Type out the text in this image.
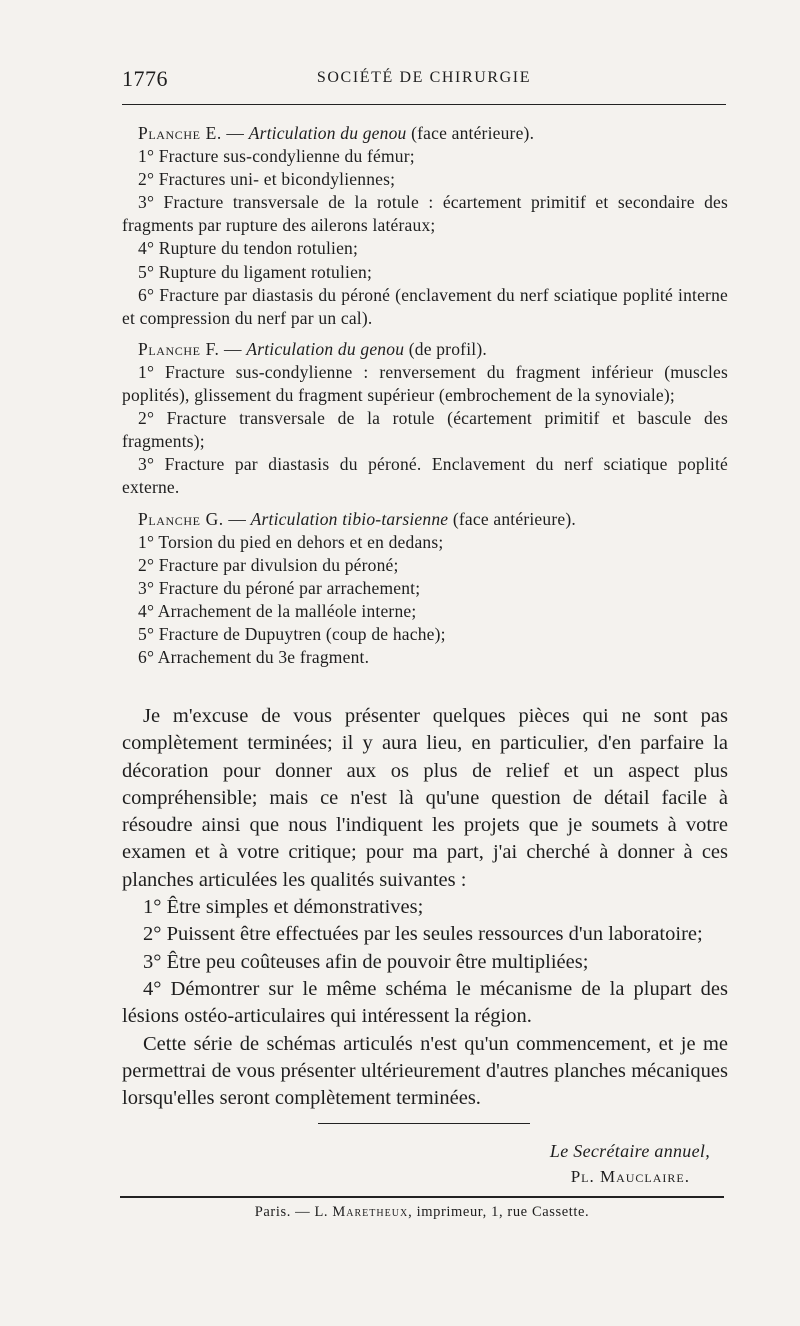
1776	SOCIÉTÉ DE CHIRURGIE

Planche E. — Articulation du genou (face antérieure).

1° Fracture sus-condylienne du fémur;

2° Fractures uni- et bicondyliennes;

3° Fracture transversale de la rotule : écartement primitif et secondaire des fragments par rupture des ailerons latéraux;

4° Rupture du tendon rotulien;

5° Rupture du ligament rotulien;

6° Fracture par diastasis du péroné (enclavement du nerf sciatique poplité interne et compression du nerf par un cal).

Planche F. — Articulation du genou (de profil).

1° Fracture sus-condylienne : renversement du fragment inférieur (muscles poplités), glissement du fragment supérieur (embrochement de la synoviale);

2° Fracture transversale de la rotule (écartement primitif et bascule des fragments);

3° Fracture par diastasis du péroné. Enclavement du nerf sciatique poplité externe.

Planche G. — Articulation tibio-tarsienne (face antérieure).

1° Torsion du pied en dehors et en dedans;

2° Fracture par divulsion du péroné;

3° Fracture du péroné par arrachement;

4° Arrachement de la malléole interne;

5° Fracture de Dupuytren (coup de hache);

6° Arrachement du 3e fragment.

Je m'excuse de vous présenter quelques pièces qui ne sont pas complètement terminées; il y aura lieu, en particulier, d'en parfaire la décoration pour donner aux os plus de relief et un aspect plus compréhensible; mais ce n'est là qu'une question de détail facile à résoudre ainsi que nous l'indiquent les projets que je soumets à votre examen et à votre critique; pour ma part, j'ai cherché à donner à ces planches articulées les qualités suivantes :

1° Être simples et démonstratives;

2° Puissent être effectuées par les seules ressources d'un laboratoire;

3° Être peu coûteuses afin de pouvoir être multipliées;

4° Démontrer sur le même schéma le mécanisme de la plupart des lésions ostéo-articulaires qui intéressent la région.

Cette série de schémas articulés n'est qu'un commencement, et je me permettrai de vous présenter ultérieurement d'autres planches mécaniques lorsqu'elles seront complètement terminées.

Le Secrétaire annuel,
Pl. Mauclaire.
Paris. — L. Maretheux, imprimeur, 1, rue Cassette.
